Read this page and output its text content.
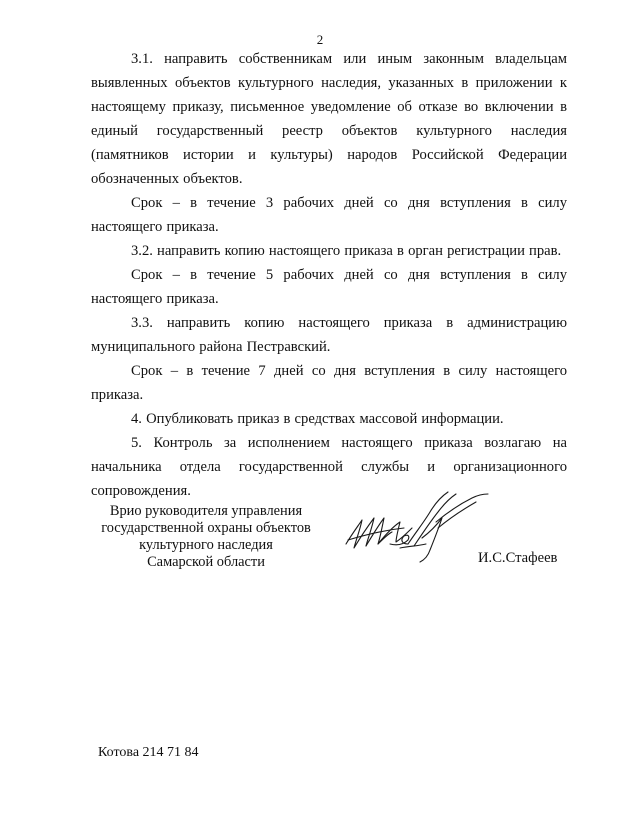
2

3.1. направить собственникам или иным законным владельцам выявленных объектов культурного наследия, указанных в приложении к настоящему приказу, письменное уведомление об отказе во включении в единый государственный реестр объектов культурного наследия (памятников истории и культуры) народов Российской Федерации обозначенных объектов.

Срок – в течение 3 рабочих дней со дня вступления в силу настоящего приказа.

3.2. направить копию настоящего приказа в орган регистрации прав.

Срок – в течение 5 рабочих дней со дня вступления в силу настоящего приказа.

3.3. направить копию настоящего приказа в администрацию муниципального района Пестравский.

Срок – в течение 7 дней со дня вступления в силу настоящего приказа.

4. Опубликовать приказ в средствах массовой информации.

5. Контроль за исполнением настоящего приказа возлагаю на начальника отдела государственной службы и организационного сопровождения.

Врио руководителя управления
государственной охраны объектов
культурного наследия
Самарской области	И.С.Стафеев
Котова 214 71 84
